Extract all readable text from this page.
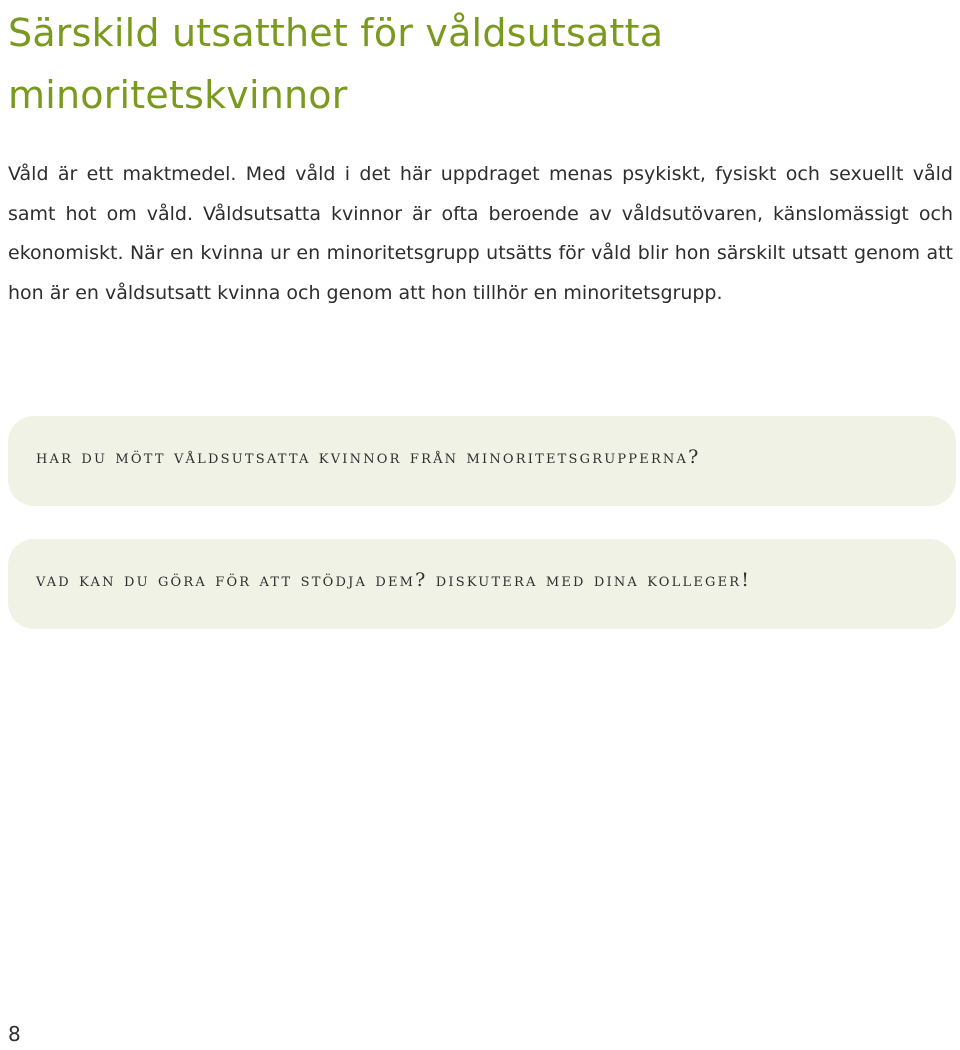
Särskild utsatthet för våldsutsatta minoritetskvinnor

Våld är ett maktmedel. Med våld i det här uppdraget menas psykiskt, fysiskt och sexuellt våld samt hot om våld. Våldsutsatta kvinnor är ofta beroende av våldsutövaren, känslomässigt och ekonomiskt. När en kvinna ur en minoritetsgrupp utsätts för våld blir hon särskilt utsatt genom att hon är en våldsutsatt kvinna och genom att hon tillhör en minoritetsgrupp.

har du mött våldsutsatta kvinnor från minoritetsgrupperna?
vad kan du göra för att stödja dem? diskutera med dina kolleger!
8
